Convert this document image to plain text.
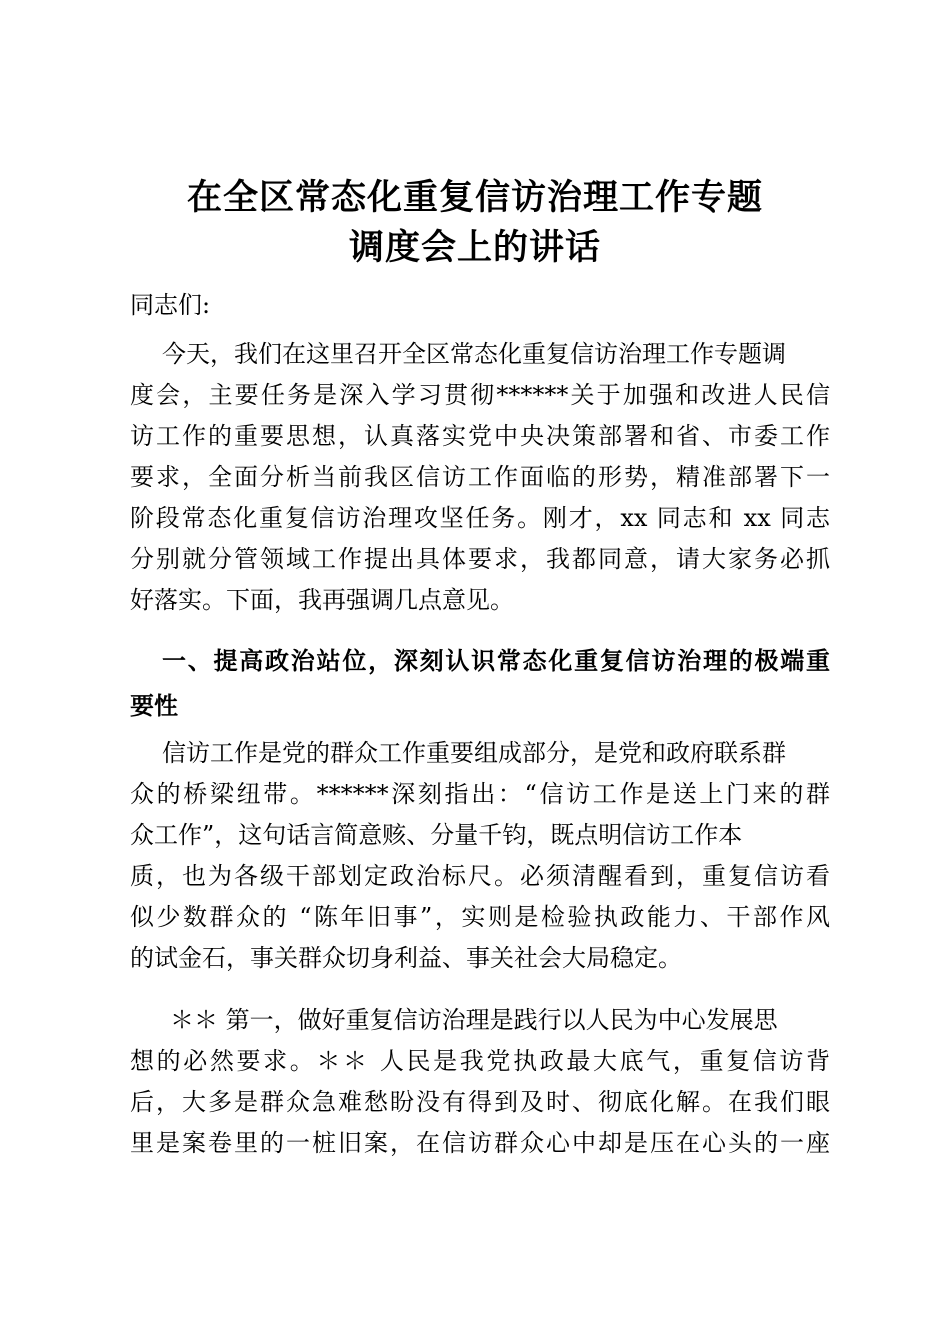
在全区常态化重复信访治理工作专题
调度会上的讲话
同志们:
今天，我们在这里召开全区常态化重复信访治理工作专题调
度会，主要任务是深入学习贯彻******关于加强和改进人民信
访工作的重要思想，认真落实党中央决策部署和省、市委工作
要求，全面分析当前我区信访工作面临的形势，精准部署下一
阶段常态化重复信访治理攻坚任务。刚才，xx 同志和 xx 同志
分别就分管领域工作提出具体要求，我都同意，请大家务必抓
好落实。下面，我再强调几点意见。
一、提高政治站位，深刻认识常态化重复信访治理的极端重
要性
信访工作是党的群众工作重要组成部分，是党和政府联系群
众的桥梁纽带。******深刻指出：“信访工作是送上门来的群
众工作”，这句话言简意赅、分量千钧，既点明信访工作本
质，也为各级干部划定政治标尺。必须清醒看到，重复信访看
似少数群众的 “陈年旧事”，实则是检验执政能力、干部作风
的试金石，事关群众切身利益、事关社会大局稳定。
＊＊ 第一，做好重复信访治理是践行以人民为中心发展思
想的必然要求。＊＊ 人民是我党执政最大底气，重复信访背
后，大多是群众急难愁盼没有得到及时、彻底化解。在我们眼
里是案卷里的一桩旧案，在信访群众心中却是压在心头的一座
